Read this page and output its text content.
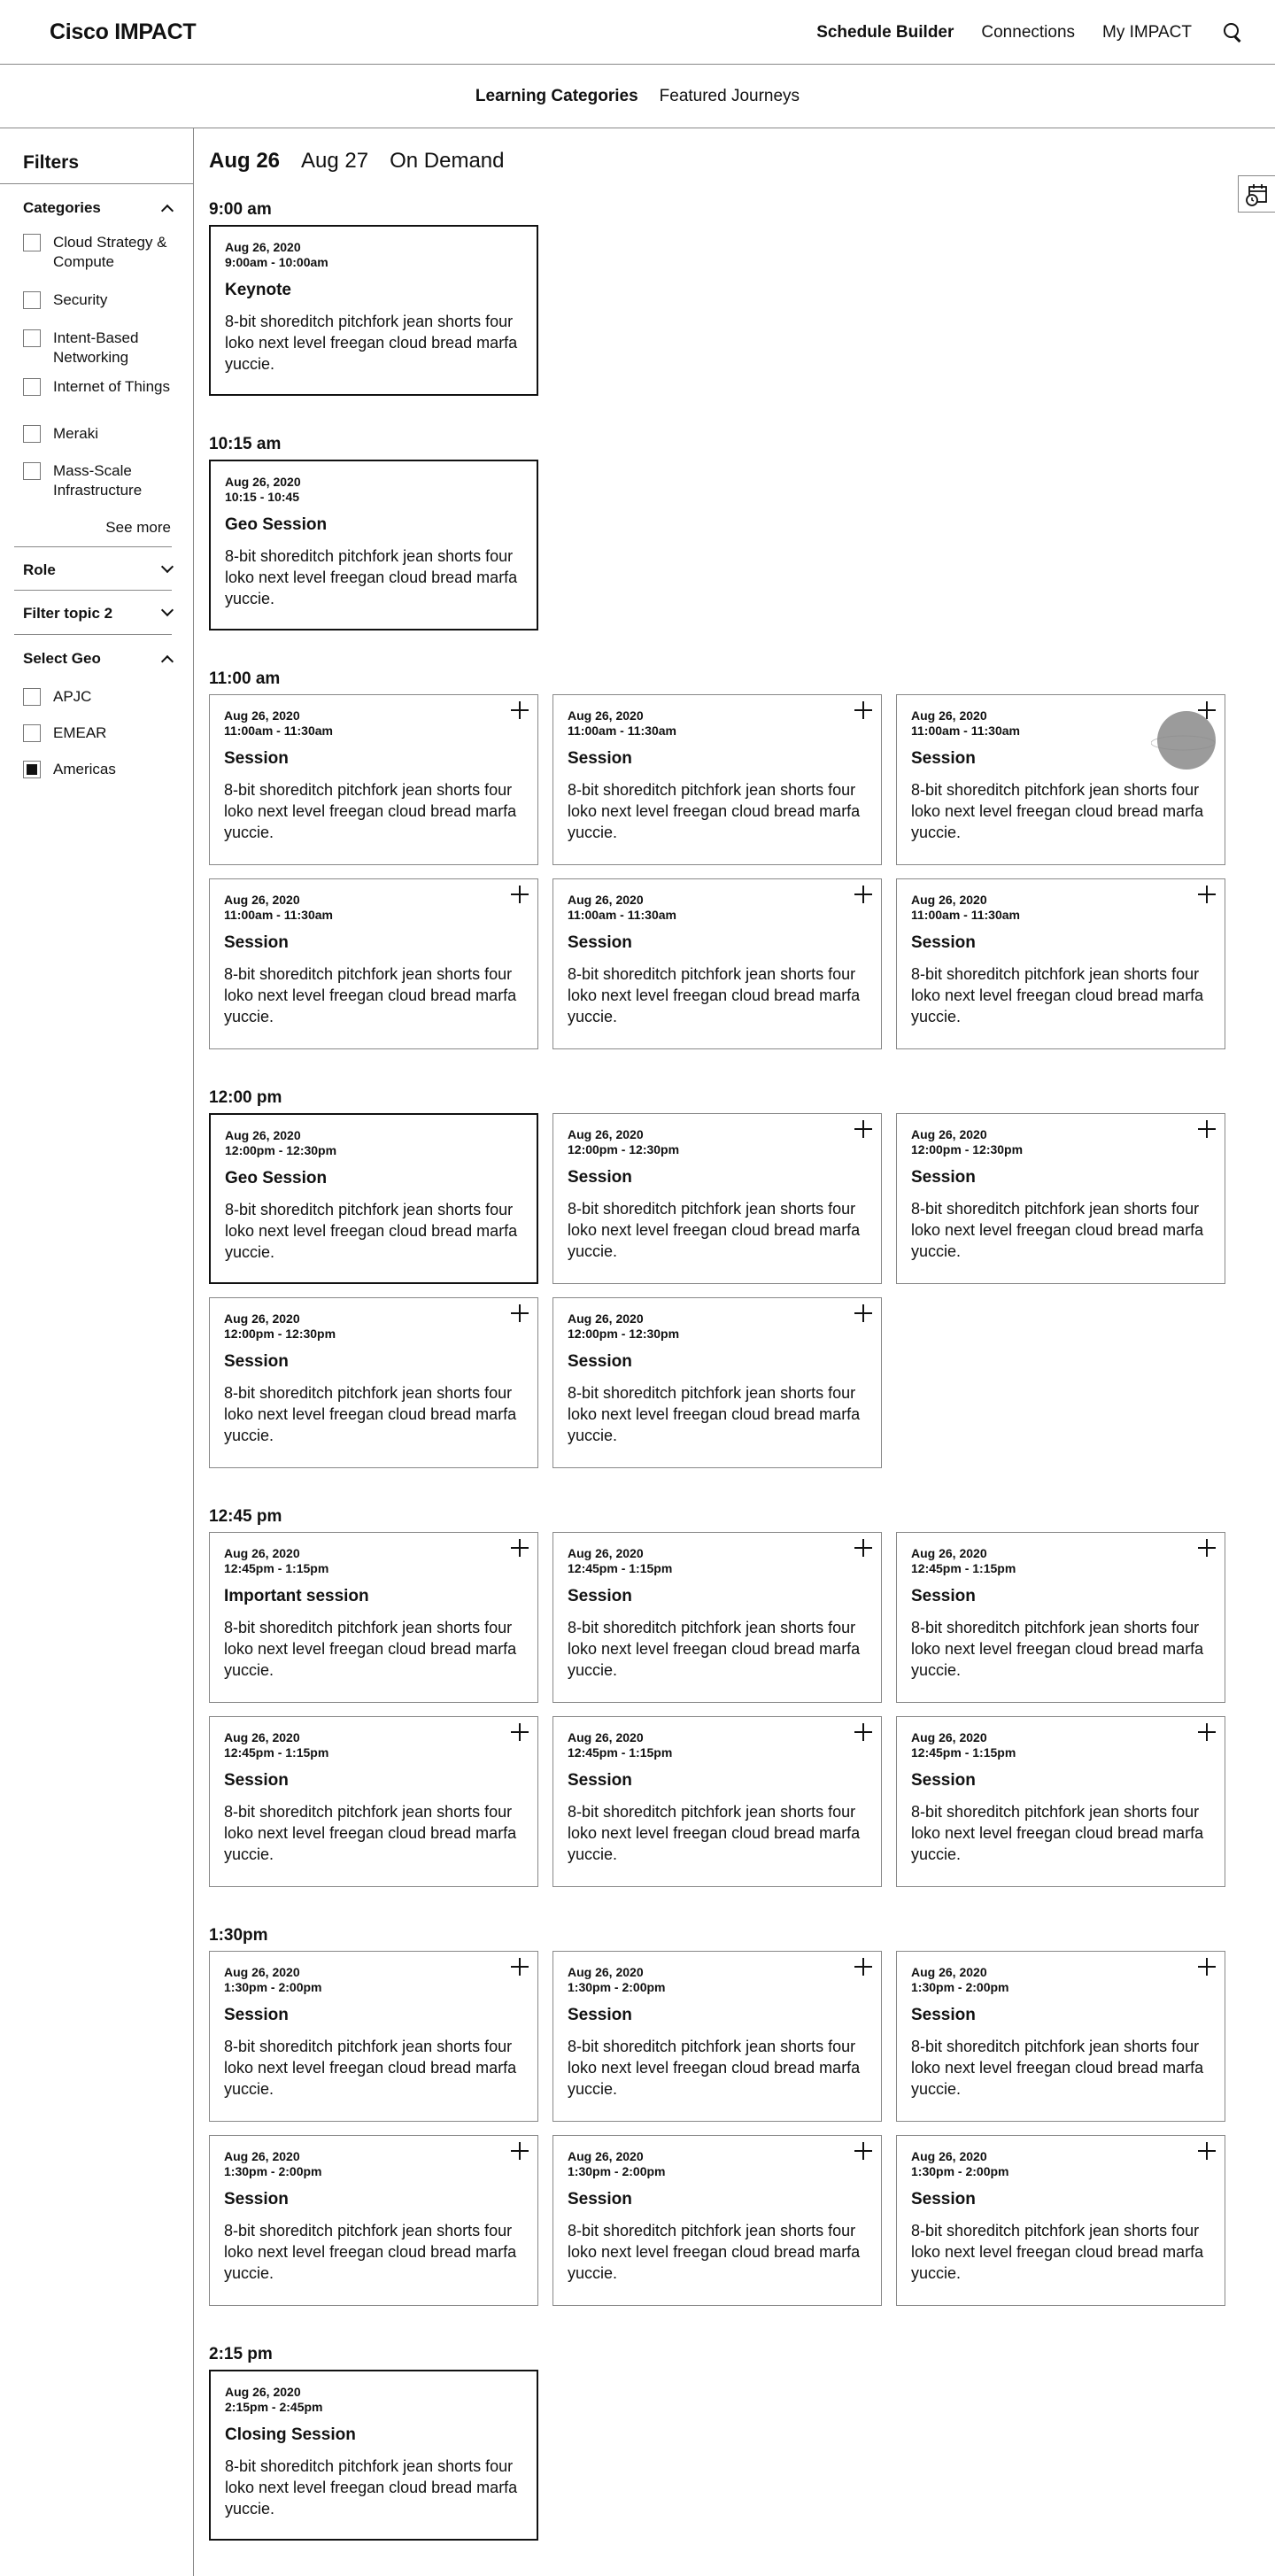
Cisco IMPACT	Schedule Builder Connections My IMPACT
Learning Categories Featured Journeys
Filters
Categories
Cloud Strategy & Compute
Security
Intent-Based Networking
Internet of Things
Meraki
Mass-Scale Infrastructure
See more
Role
Filter topic 2
Select Geo
APJC
EMEAR
Americas
Aug 26 Aug 27 On Demand
9:00 am
Aug 26, 2020
9:00am - 10:00am
Keynote
8-bit shoreditch pitchfork jean shorts four loko next level freegan cloud bread marfa yuccie.
10:15 am
Aug 26, 2020
10:15 - 10:45
Geo Session
8-bit shoreditch pitchfork jean shorts four loko next level freegan cloud bread marfa yuccie.
11:00 am
Aug 26, 2020
11:00am - 11:30am
Session
8-bit shoreditch pitchfork jean shorts four loko next level freegan cloud bread marfa yuccie.
Aug 26, 2020
11:00am - 11:30am
Session
8-bit shoreditch pitchfork jean shorts four loko next level freegan cloud bread marfa yuccie.
Aug 26, 2020
11:00am - 11:30am
Session
8-bit shoreditch pitchfork jean shorts four loko next level freegan cloud bread marfa yuccie.
Aug 26, 2020
11:00am - 11:30am
Session
8-bit shoreditch pitchfork jean shorts four loko next level freegan cloud bread marfa yuccie.
Aug 26, 2020
11:00am - 11:30am
Session
8-bit shoreditch pitchfork jean shorts four loko next level freegan cloud bread marfa yuccie.
Aug 26, 2020
11:00am - 11:30am
Session
8-bit shoreditch pitchfork jean shorts four loko next level freegan cloud bread marfa yuccie.
12:00 pm
Aug 26, 2020
12:00pm - 12:30pm
Geo Session
8-bit shoreditch pitchfork jean shorts four loko next level freegan cloud bread marfa yuccie.
Aug 26, 2020
12:00pm - 12:30pm
Session
8-bit shoreditch pitchfork jean shorts four loko next level freegan cloud bread marfa yuccie.
Aug 26, 2020
12:00pm - 12:30pm
Session
8-bit shoreditch pitchfork jean shorts four loko next level freegan cloud bread marfa yuccie.
Aug 26, 2020
12:00pm - 12:30pm
Session
8-bit shoreditch pitchfork jean shorts four loko next level freegan cloud bread marfa yuccie.
Aug 26, 2020
12:00pm - 12:30pm
Session
8-bit shoreditch pitchfork jean shorts four loko next level freegan cloud bread marfa yuccie.
12:45 pm
Aug 26, 2020
12:45pm - 1:15pm
Important session
8-bit shoreditch pitchfork jean shorts four loko next level freegan cloud bread marfa yuccie.
Aug 26, 2020
12:45pm - 1:15pm
Session
8-bit shoreditch pitchfork jean shorts four loko next level freegan cloud bread marfa yuccie.
Aug 26, 2020
12:45pm - 1:15pm
Session
8-bit shoreditch pitchfork jean shorts four loko next level freegan cloud bread marfa yuccie.
Aug 26, 2020
12:45pm - 1:15pm
Session
8-bit shoreditch pitchfork jean shorts four loko next level freegan cloud bread marfa yuccie.
Aug 26, 2020
12:45pm - 1:15pm
Session
8-bit shoreditch pitchfork jean shorts four loko next level freegan cloud bread marfa yuccie.
Aug 26, 2020
12:45pm - 1:15pm
Session
8-bit shoreditch pitchfork jean shorts four loko next level freegan cloud bread marfa yuccie.
1:30pm
Aug 26, 2020
1:30pm - 2:00pm
Session
8-bit shoreditch pitchfork jean shorts four loko next level freegan cloud bread marfa yuccie.
Aug 26, 2020
1:30pm - 2:00pm
Session
8-bit shoreditch pitchfork jean shorts four loko next level freegan cloud bread marfa yuccie.
Aug 26, 2020
1:30pm - 2:00pm
Session
8-bit shoreditch pitchfork jean shorts four loko next level freegan cloud bread marfa yuccie.
Aug 26, 2020
1:30pm - 2:00pm
Session
8-bit shoreditch pitchfork jean shorts four loko next level freegan cloud bread marfa yuccie.
Aug 26, 2020
1:30pm - 2:00pm
Session
8-bit shoreditch pitchfork jean shorts four loko next level freegan cloud bread marfa yuccie.
Aug 26, 2020
1:30pm - 2:00pm
Session
8-bit shoreditch pitchfork jean shorts four loko next level freegan cloud bread marfa yuccie.
2:15 pm
Aug 26, 2020
2:15pm - 2:45pm
Closing Session
8-bit shoreditch pitchfork jean shorts four loko next level freegan cloud bread marfa yuccie.
